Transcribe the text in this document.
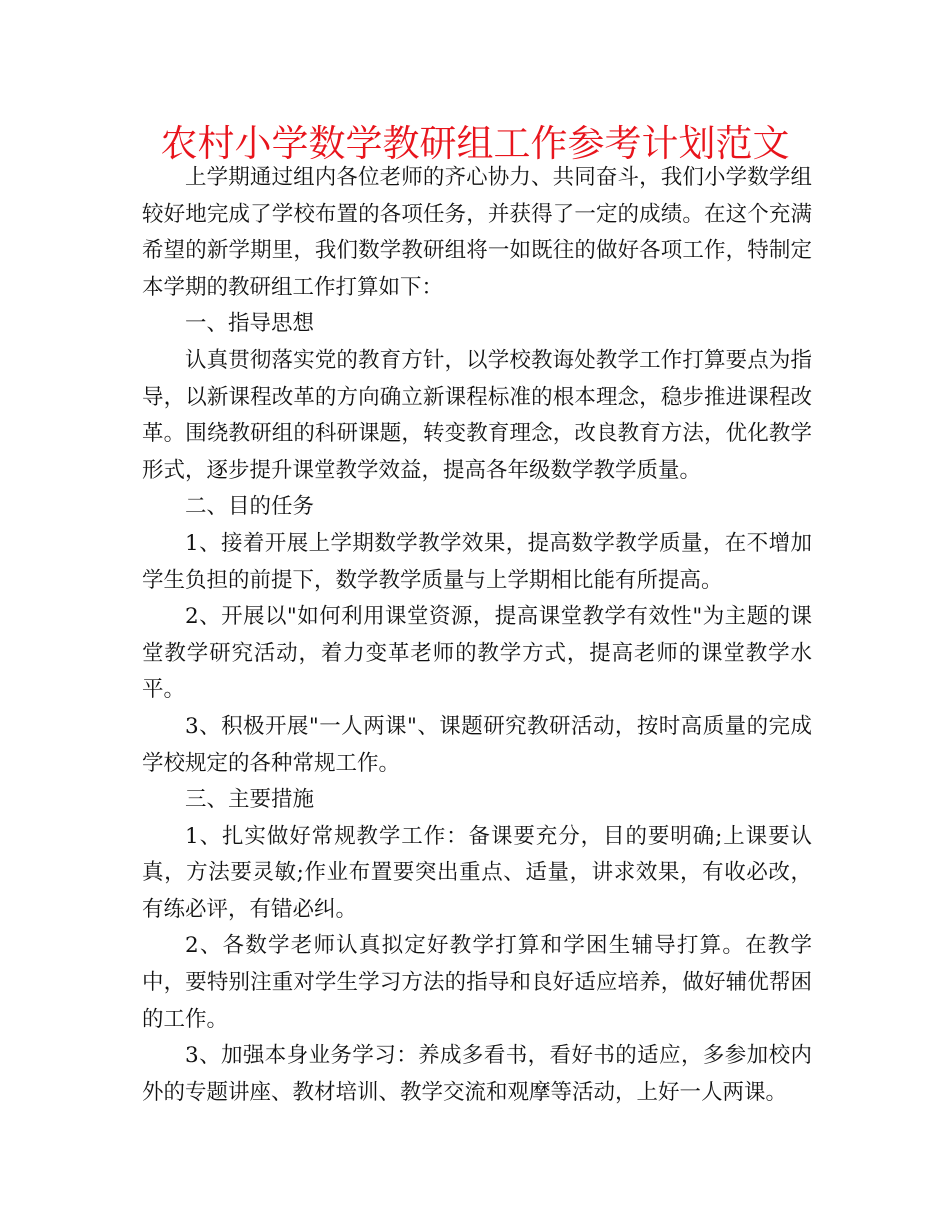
农村小学数学教研组工作参考计划范文

上学期通过组内各位老师的齐心协力、共同奋斗，我们小学数学组较好地完成了学校布置的各项任务，并获得了一定的成绩。在这个充满希望的新学期里，我们数学教研组将一如既往的做好各项工作，特制定本学期的教研组工作打算如下：

一、指导思想

认真贯彻落实党的教育方针，以学校教诲处教学工作打算要点为指导，以新课程改革的方向确立新课程标准的根本理念，稳步推进课程改革。围绕教研组的科研课题，转变教育理念，改良教育方法，优化教学形式，逐步提升课堂教学效益，提高各年级数学教学质量。

二、目的任务

1、接着开展上学期数学教学效果，提高数学教学质量，在不增加学生负担的前提下，数学教学质量与上学期相比能有所提高。

2、开展以"如何利用课堂资源，提高课堂教学有效性"为主题的课堂教学研究活动，着力变革老师的教学方式，提高老师的课堂教学水平。

3、积极开展"一人两课"、课题研究教研活动，按时高质量的完成学校规定的各种常规工作。

三、主要措施

1、扎实做好常规教学工作：备课要充分，目的要明确;上课要认真，方法要灵敏;作业布置要突出重点、适量，讲求效果，有收必改，有练必评，有错必纠。

2、各数学老师认真拟定好教学打算和学困生辅导打算。在教学中，要特别注重对学生学习方法的指导和良好适应培养，做好辅优帮困的工作。

3、加强本身业务学习：养成多看书，看好书的适应，多参加校内外的专题讲座、教材培训、教学交流和观摩等活动，上好一人两课。
